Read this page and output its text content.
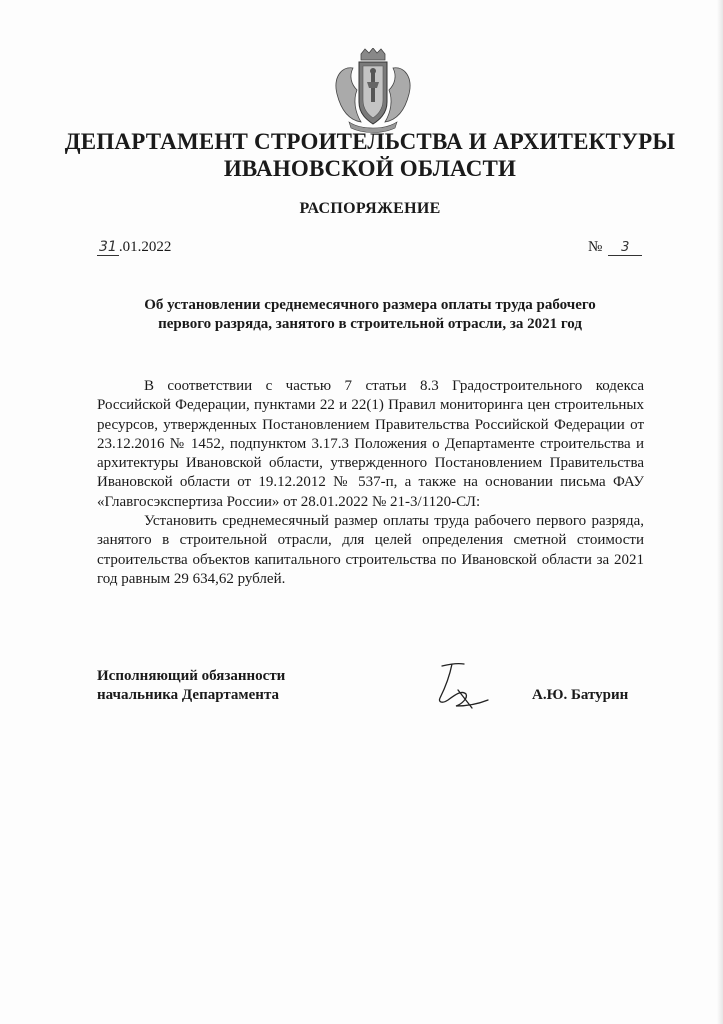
ДЕПАРТАМЕНТ СТРОИТЕЛЬСТВА И АРХИТЕКТУРЫ
ИВАНОВСКОЙ ОБЛАСТИ
РАСПОРЯЖЕНИЕ
31 .01.2022	№ 3
Об установлении среднемесячного размера оплаты труда рабочего
первого разряда, занятого в строительной отрасли, за 2021 год

В соответствии с частью 7 статьи 8.3 Градостроительного кодекса Российской Федерации, пунктами 22 и 22(1) Правил мониторинга цен строительных ресурсов, утвержденных Постановлением Правительства Российской Федерации от 23.12.2016 № 1452, подпунктом 3.17.3 Положения о Департаменте строительства и архитектуры Ивановской области, утвержденного Постановлением Правительства Ивановской области от 19.12.2012 № 537-п, а также на основании письма ФАУ «Главгосэкспертиза России» от 28.01.2022 № 21-3/1120-СЛ:

Установить среднемесячный размер оплаты труда рабочего первого разряда, занятого в строительной отрасли, для целей определения сметной стоимости строительства объектов капитального строительства по Ивановской области за 2021 год равным 29 634,62 рублей.

Исполняющий обязанности
начальника Департамента	А.Ю. Батурин
